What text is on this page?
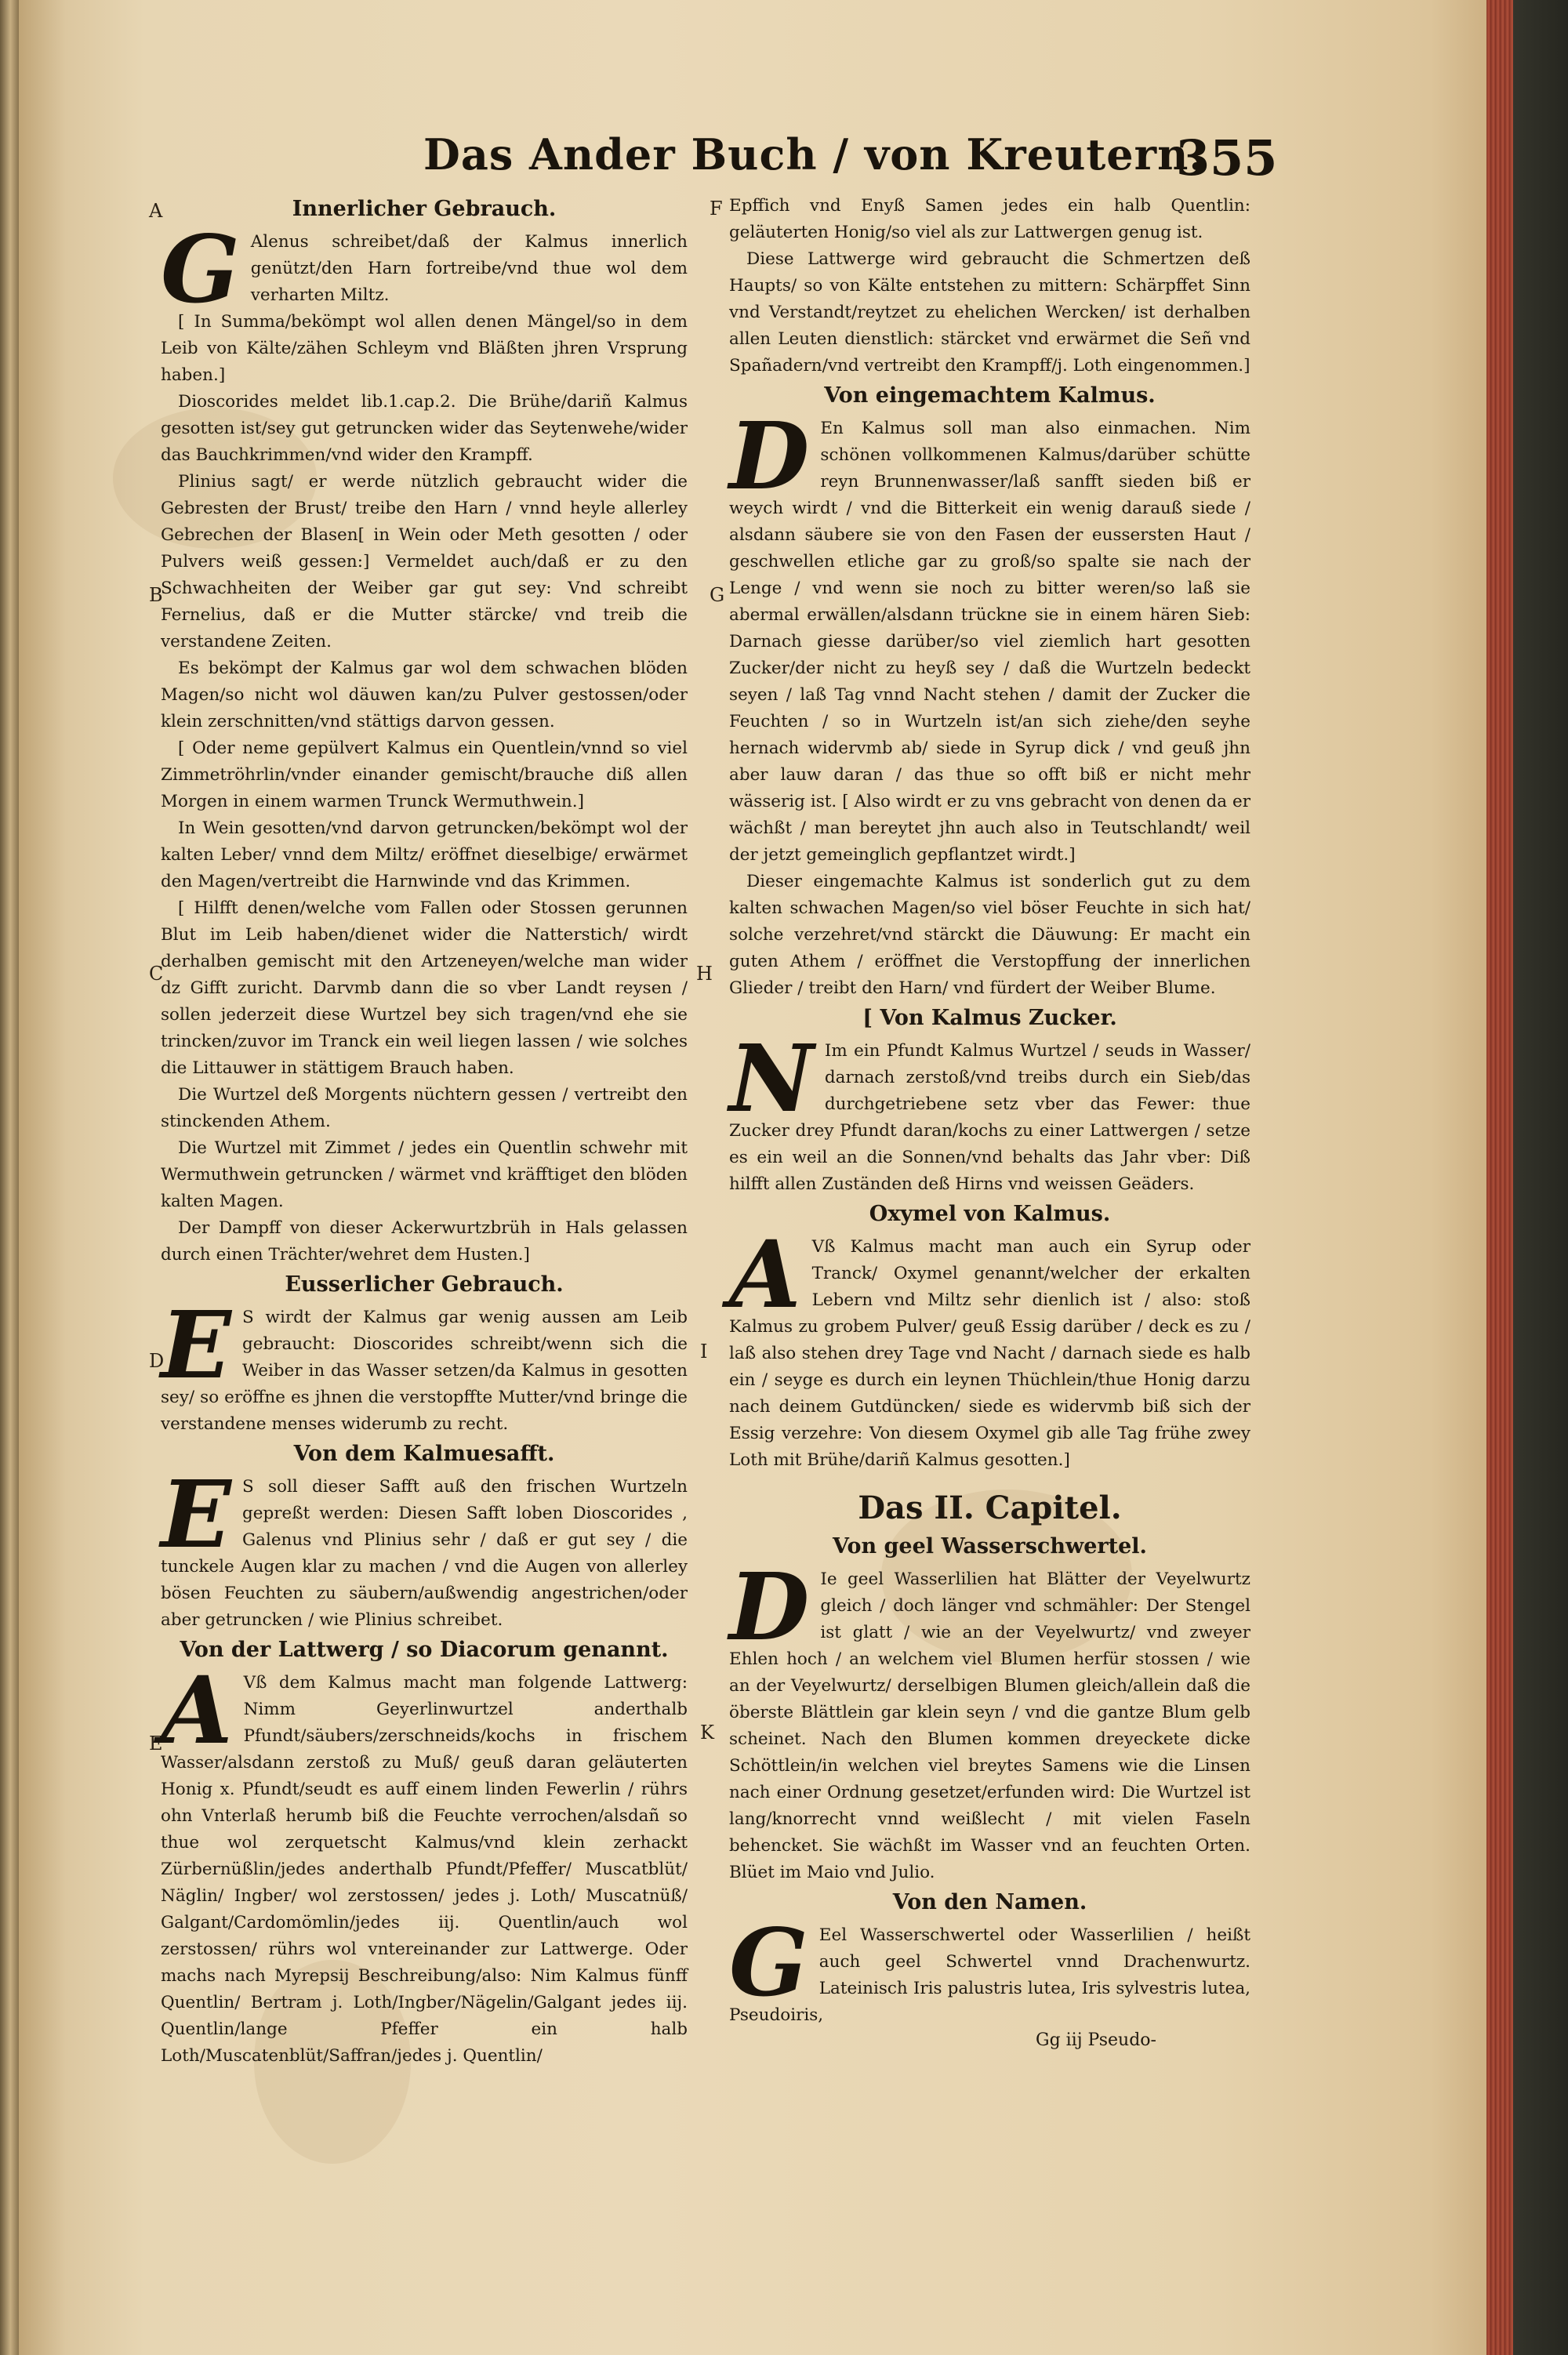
Das Ander Buch / von Kreutern.
355
A
B
C
D
E
F
G
H
I
K
Innerlicher Gebrauch.

GAlenus schreibet/daß der Kalmus innerlich genützt/den Harn fortreibe/vnd thue wol dem verharten Miltz.

[ In Summa/bekömpt wol allen denen Mängel/so in dem Leib von Kälte/zähen Schleym vnd Bläßten jhren Vrsprung haben.]

Dioscorides meldet lib.1.cap.2. Die Brühe/dariñ Kalmus gesotten ist/sey gut getruncken wider das Seytenwehe/wider das Bauchkrimmen/vnd wider den Krampff.

Plinius sagt/ er werde nützlich gebraucht wider die Gebresten der Brust/ treibe den Harn / vnnd heyle allerley Gebrechen der Blasen[ in Wein oder Meth gesotten / oder Pulvers weiß gessen:] Vermeldet auch/daß er zu den Schwachheiten der Weiber gar gut sey: Vnd schreibt Fernelius, daß er die Mutter stärcke/ vnd treib die verstandene Zeiten.

Es bekömpt der Kalmus gar wol dem schwachen blöden Magen/so nicht wol däuwen kan/zu Pulver gestossen/oder klein zerschnitten/vnd stättigs darvon gessen.

[ Oder neme gepülvert Kalmus ein Quentlein/vnnd so viel Zimmetröhrlin/vnder einander gemischt/brauche diß allen Morgen in einem warmen Trunck Wermuthwein.]

In Wein gesotten/vnd darvon getruncken/bekömpt wol der kalten Leber/ vnnd dem Miltz/ eröffnet dieselbige/ erwärmet den Magen/vertreibt die Harnwinde vnd das Krimmen.

[ Hilfft denen/welche vom Fallen oder Stossen gerunnen Blut im Leib haben/dienet wider die Natterstich/ wirdt derhalben gemischt mit den Artzeneyen/welche man wider dz Gifft zuricht. Darvmb dann die so vber Landt reysen / sollen jederzeit diese Wurtzel bey sich tragen/vnd ehe sie trincken/zuvor im Tranck ein weil liegen lassen / wie solches die Littauwer in stättigem Brauch haben.

Die Wurtzel deß Morgents nüchtern gessen / vertreibt den stinckenden Athem.

Die Wurtzel mit Zimmet / jedes ein Quentlin schwehr mit Wermuthwein getruncken / wärmet vnd kräfftiget den blöden kalten Magen.

Der Dampff von dieser Ackerwurtzbrüh in Hals gelassen durch einen Trächter/wehret dem Husten.]

Eusserlicher Gebrauch.

ES wirdt der Kalmus gar wenig aussen am Leib gebraucht: Dioscorides schreibt/wenn sich die Weiber in das Wasser setzen/da Kalmus in gesotten sey/ so eröffne es jhnen die verstopffte Mutter/vnd bringe die verstandene menses widerumb zu recht.

Von dem Kalmuesafft.

ES soll dieser Safft auß den frischen Wurtzeln gepreßt werden: Diesen Safft loben Dioscorides , Galenus vnd Plinius sehr / daß er gut sey / die tunckele Augen klar zu machen / vnd die Augen von allerley bösen Feuchten zu säubern/außwendig angestrichen/oder aber getruncken / wie Plinius schreibet.

Von der Lattwerg / so Diacorum genannt.

AVß dem Kalmus macht man folgende Lattwerg: Nimm Geyerlinwurtzel anderthalb Pfundt/säubers/zerschneids/kochs in frischem Wasser/alsdann zerstoß zu Muß/ geuß daran geläuterten Honig x. Pfundt/seudt es auff einem linden Fewerlin / rührs ohn Vnterlaß herumb biß die Feuchte verrochen/alsdañ so thue wol zerquetscht Kalmus/vnd klein zerhackt Zürbernüßlin/jedes anderthalb Pfundt/Pfeffer/ Muscatblüt/ Näglin/ Ingber/ wol zerstossen/ jedes j. Loth/ Muscatnüß/ Galgant/Cardomömlin/jedes iij. Quentlin/auch wol zerstossen/ rührs wol vntereinander zur Lattwerge. Oder machs nach Myrepsij Beschreibung/also: Nim Kalmus fünff Quentlin/ Bertram j. Loth/Ingber/Nägelin/Galgant jedes iij. Quentlin/lange Pfeffer ein halb Loth/Muscatenblüt/Saffran/jedes j. Quentlin/

Epffich vnd Enyß Samen jedes ein halb Quentlin: geläuterten Honig/so viel als zur Lattwergen genug ist.

Diese Lattwerge wird gebraucht die Schmertzen deß Haupts/ so von Kälte entstehen zu mittern: Schärpffet Sinn vnd Verstandt/reytzet zu ehelichen Wercken/ ist derhalben allen Leuten dienstlich: stärcket vnd erwärmet die Señ vnd Spañadern/vnd vertreibt den Krampff/j. Loth eingenommen.]

Von eingemachtem Kalmus.

DEn Kalmus soll man also einmachen. Nim schönen vollkommenen Kalmus/darüber schütte reyn Brunnenwasser/laß sanfft sieden biß er weych wirdt / vnd die Bitterkeit ein wenig darauß siede / alsdann säubere sie von den Fasen der eussersten Haut / geschwellen etliche gar zu groß/so spalte sie nach der Lenge / vnd wenn sie noch zu bitter weren/so laß sie abermal erwällen/alsdann trückne sie in einem hären Sieb: Darnach giesse darüber/so viel ziemlich hart gesotten Zucker/der nicht zu heyß sey / daß die Wurtzeln bedeckt seyen / laß Tag vnnd Nacht stehen / damit der Zucker die Feuchten / so in Wurtzeln ist/an sich ziehe/den seyhe hernach widervmb ab/ siede in Syrup dick / vnd geuß jhn aber lauw daran / das thue so offt biß er nicht mehr wässerig ist. [ Also wirdt er zu vns gebracht von denen da er wächßt / man bereytet jhn auch also in Teutschlandt/ weil der jetzt gemeinglich gepflantzet wirdt.]

Dieser eingemachte Kalmus ist sonderlich gut zu dem kalten schwachen Magen/so viel böser Feuchte in sich hat/ solche verzehret/vnd stärckt die Däuwung: Er macht ein guten Athem / eröffnet die Verstopffung der innerlichen Glieder / treibt den Harn/ vnd fürdert der Weiber Blume.

[ Von Kalmus Zucker.

NIm ein Pfundt Kalmus Wurtzel / seuds in Wasser/ darnach zerstoß/vnd treibs durch ein Sieb/das durchgetriebene setz vber das Fewer: thue Zucker drey Pfundt daran/kochs zu einer Lattwergen / setze es ein weil an die Sonnen/vnd behalts das Jahr vber: Diß hilfft allen Zuständen deß Hirns vnd weissen Geäders.

Oxymel von Kalmus.

AVß Kalmus macht man auch ein Syrup oder Tranck/ Oxymel genannt/welcher der erkalten Lebern vnd Miltz sehr dienlich ist / also: stoß Kalmus zu grobem Pulver/ geuß Essig darüber / deck es zu / laß also stehen drey Tage vnd Nacht / darnach siede es halb ein / seyge es durch ein leynen Thüchlein/thue Honig darzu nach deinem Gutdüncken/ siede es widervmb biß sich der Essig verzehre: Von diesem Oxymel gib alle Tag frühe zwey Loth mit Brühe/dariñ Kalmus gesotten.]

Das II. Capitel.
Von geel Wasserschwertel.

DIe geel Wasserlilien hat Blätter der Veyelwurtz gleich / doch länger vnd schmähler: Der Stengel ist glatt / wie an der Veyelwurtz/ vnd zweyer Ehlen hoch / an welchem viel Blumen herfür stossen / wie an der Veyelwurtz/ derselbigen Blumen gleich/allein daß die öberste Blättlein gar klein seyn / vnd die gantze Blum gelb scheinet. Nach den Blumen kommen dreyeckete dicke Schöttlein/in welchen viel breytes Samens wie die Linsen nach einer Ordnung gesetzet/erfunden wird: Die Wurtzel ist lang/knorrecht vnnd weißlecht / mit vielen Faseln behencket. Sie wächßt im Wasser vnd an feuchten Orten. Blüet im Maio vnd Julio.

Von den Namen.

GEel Wasserschwertel oder Wasserlilien / heißt auch geel Schwertel vnnd Drachenwurtz. Lateinisch Iris palustris lutea, Iris sylvestris lutea, Pseudoiris,

Gg iij Pseudo-
